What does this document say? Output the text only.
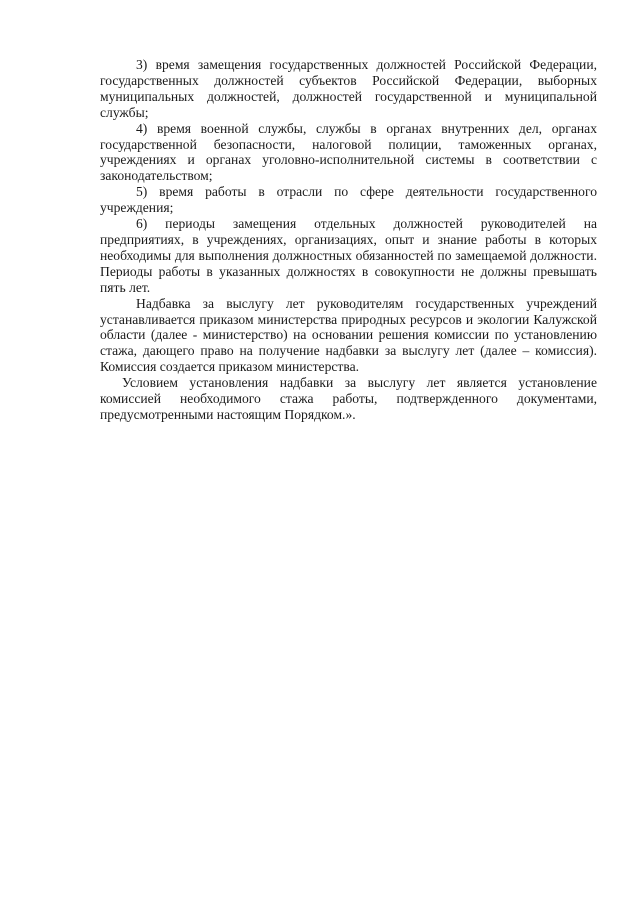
3) время замещения государственных должностей Российской Федерации, государственных должностей субъектов Российской Федерации, выборных муниципальных должностей, должностей государственной и муниципальной службы;

4) время военной службы, службы в органах внутренних дел, органах государственной безопасности, налоговой полиции, таможенных органах, учреждениях и органах уголовно-исполнительной системы в соответствии с законодательством;

5) время работы в отрасли по сфере деятельности государственного учреждения;

6) периоды замещения отдельных должностей руководителей на предприятиях, в учреждениях, организациях, опыт и знание работы в которых необходимы для выполнения должностных обязанностей по замещаемой должности. Периоды работы в указанных должностях в совокупности не должны превышать пять лет.

Надбавка за выслугу лет руководителям государственных учреждений устанавливается приказом министерства природных ресурсов и экологии Калужской области (далее - министерство) на основании решения комиссии по установлению стажа, дающего право на получение надбавки за выслугу лет (далее – комиссия). Комиссия создается приказом министерства.

Условием установления надбавки за выслугу лет является установление комиссией необходимого стажа работы, подтвержденного документами, предусмотренными настоящим Порядком.».
